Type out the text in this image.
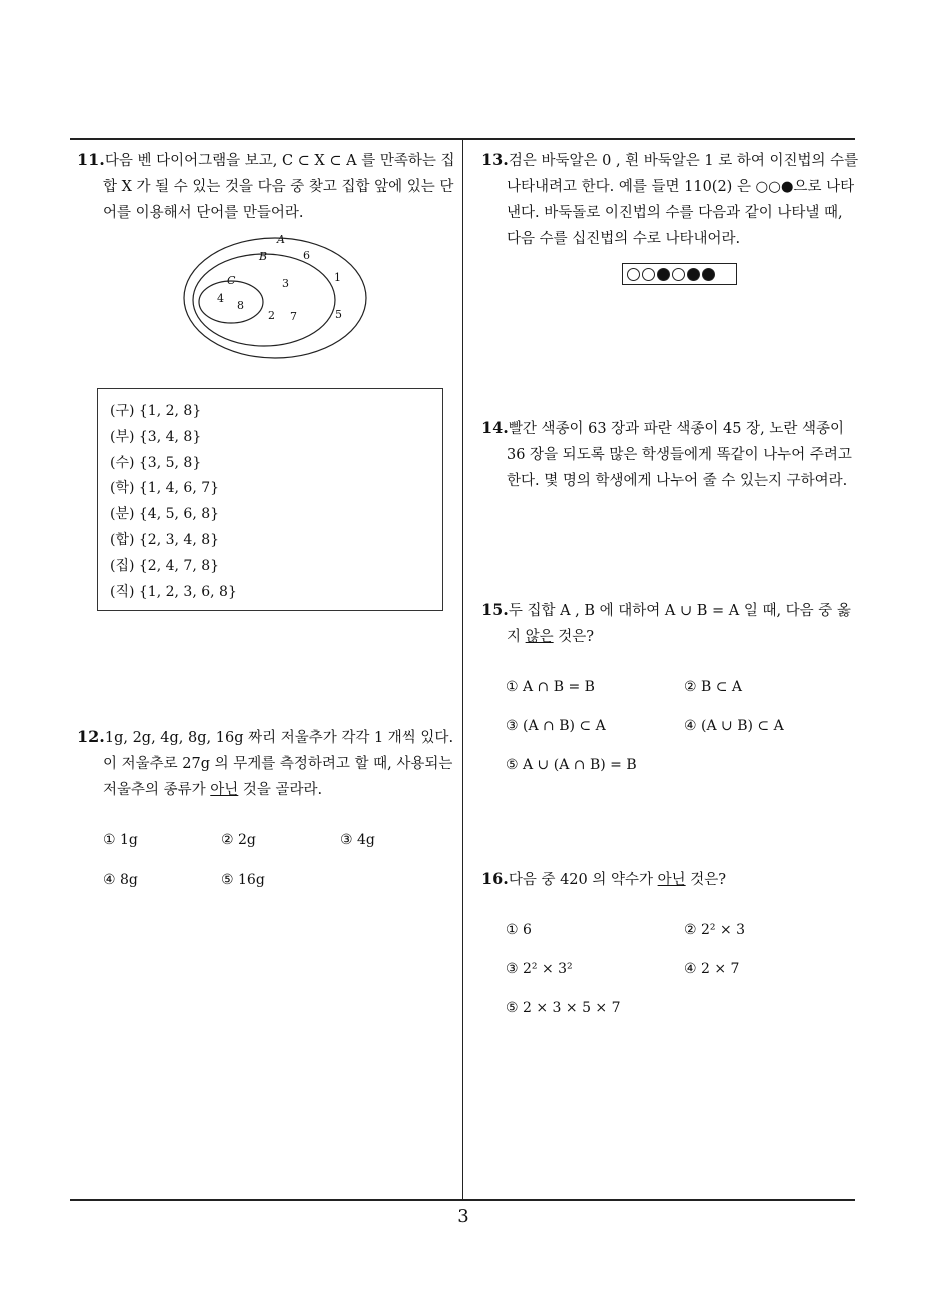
11.다음 벤 다이어그램을 보고, C ⊂ X ⊂ A 를 만족하는 집합 X 가 될 수 있는 것을 다음 중 찾고 집합 앞에 있는 단어를 이용해서 단어를 만들어라.
A
B
C
6
1
3
4
8
2 7	5
(구) {1, 2, 8}
(부) {3, 4, 8}
(수) {3, 5, 8}
(학) {1, 4, 6, 7}
(분) {4, 5, 6, 8}
(합) {2, 3, 4, 8}
(집) {2, 4, 7, 8}
(직) {1, 2, 3, 6, 8}
12.1g, 2g, 4g, 8g, 16g 짜리 저울추가 각각 1 개씩 있다. 이 저울추로 27g 의 무게를 측정하려고 할 때, 사용되는 저울추의 종류가 아닌 것을 골라라.
① 1g	② 2g	③ 4g
④ 8g	⑤ 16g
13.검은 바둑알은 0 , 흰 바둑알은 1 로 하여 이진법의 수를 나타내려고 한다. 예를 들면 110(2) 은 ○○●으로 나타낸다. 바둑돌로 이진법의 수를 다음과 같이 나타낼 때, 다음 수를 십진법의 수로 나타내어라.
14.빨간 색종이 63 장과 파란 색종이 45 장, 노란 색종이 36 장을 되도록 많은 학생들에게 똑같이 나누어 주려고 한다. 몇 명의 학생에게 나누어 줄 수 있는지 구하여라.
15.두 집합 A , B 에 대하여 A ∪ B = A 일 때, 다음 중 옳지 않은 것은?
① A ∩ B = B	② B ⊂ A
③ (A ∩ B) ⊂ A	④ (A ∪ B) ⊂ A
⑤ A ∪ (A ∩ B) = B
16.다음 중 420 의 약수가 아닌 것은?
① 6	② 2² × 3
③ 2² × 3²	④ 2 × 7
⑤ 2 × 3 × 5 × 7
3
